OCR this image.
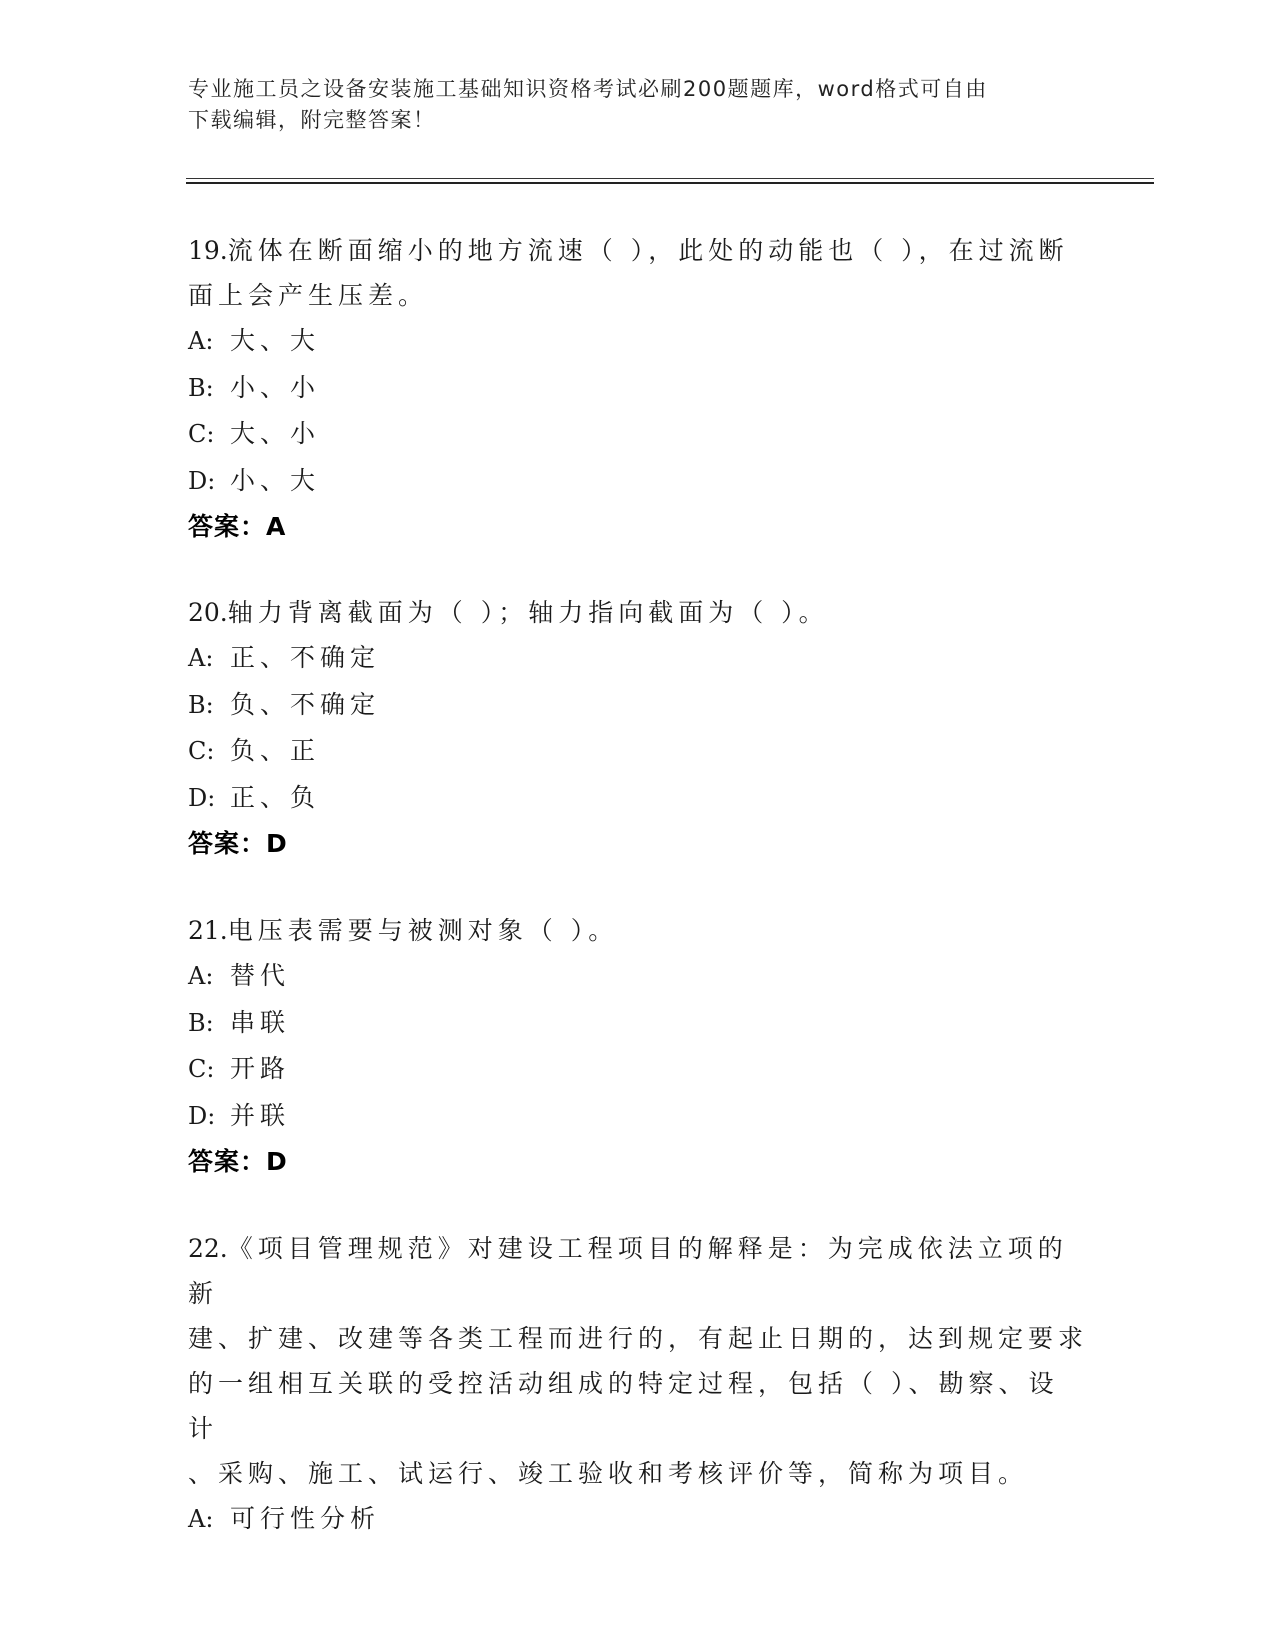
专业施工员之设备安装施工基础知识资格考试必刷200题题库，word格式可自由
下载编辑，附完整答案！
19.流体在断面缩小的地方流速（ ），此处的动能也（ ），在过流断
面上会产生压差。
A: 大、大
B: 小、小
C: 大、小
D: 小、大
答案：A
20.轴力背离截面为（ ）；轴力指向截面为（ ）。
A: 正、不确定
B: 负、不确定
C: 负、正
D: 正、负
答案：D
21.电压表需要与被测对象（ ）。
A: 替代
B: 串联
C: 开路
D: 并联
答案：D
22.《项目管理规范》对建设工程项目的解释是：为完成依法立项的新
建、扩建、改建等各类工程而进行的，有起止日期的，达到规定要求
的一组相互关联的受控活动组成的特定过程，包括（ ）、勘察、设计
、采购、施工、试运行、竣工验收和考核评价等，简称为项目。
A: 可行性分析
